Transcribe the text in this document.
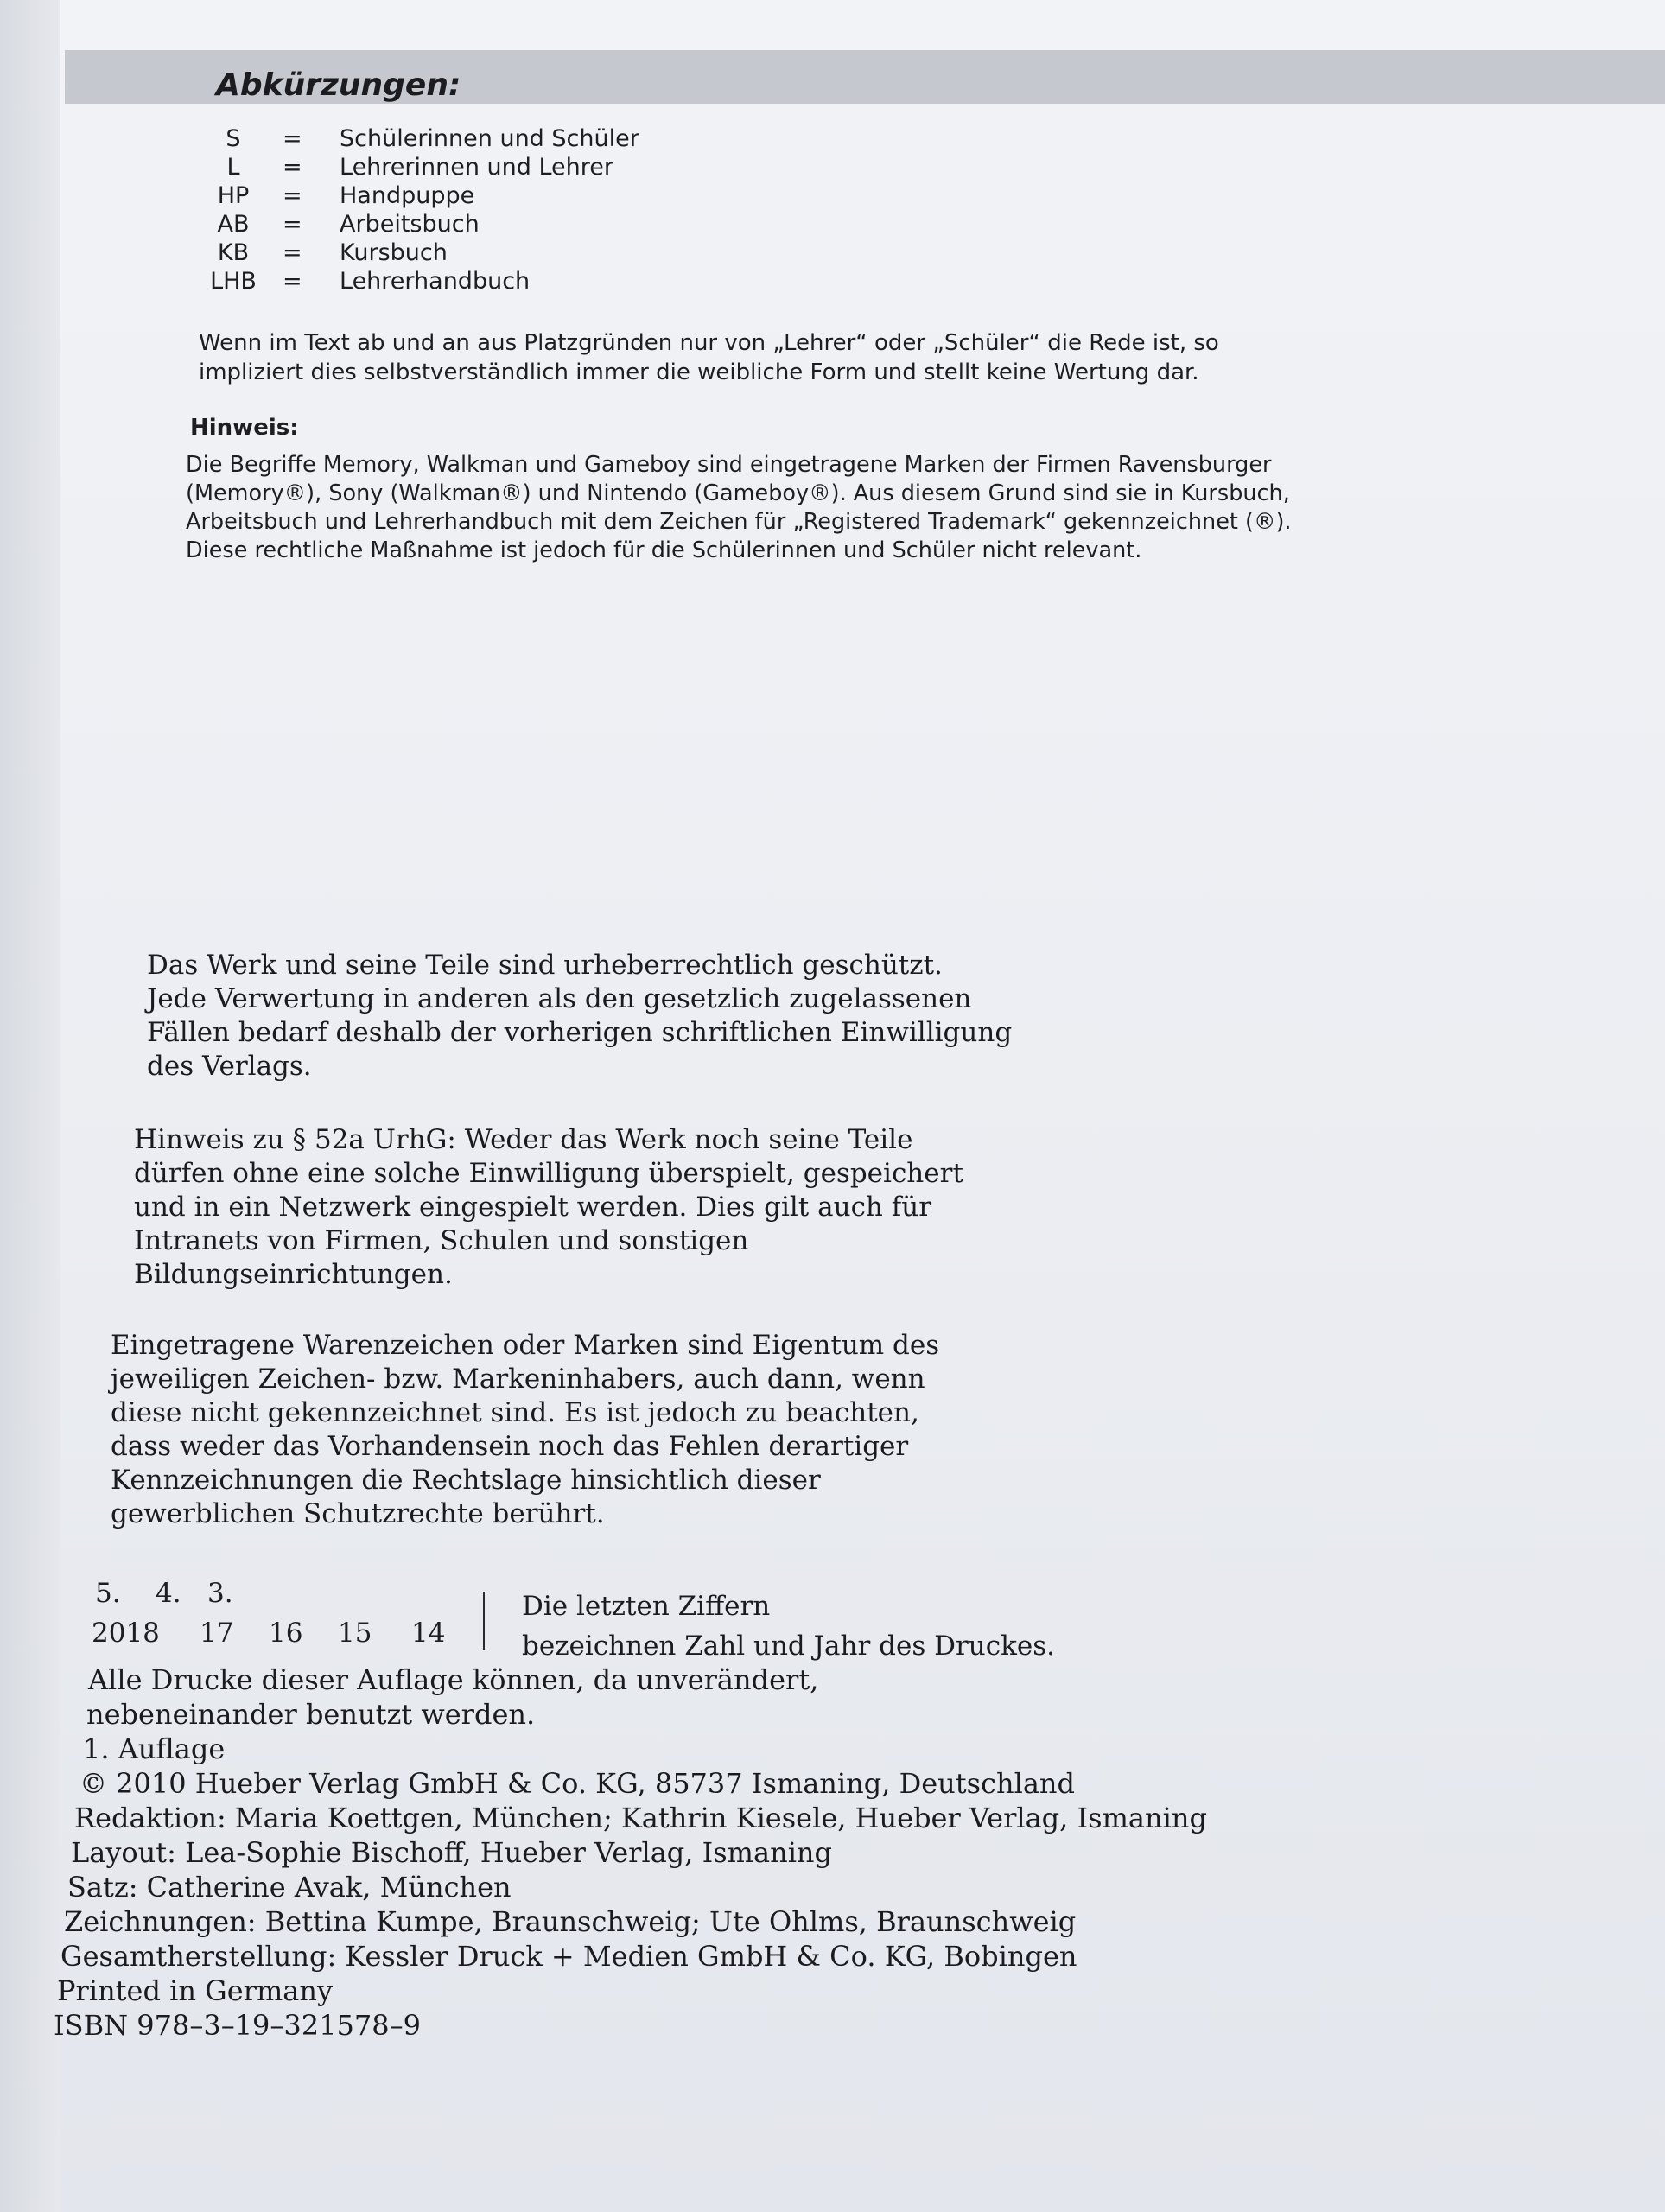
Abkürzungen:
S	= Schülerinnen und Schüler
L	= Lehrerinnen und Lehrer
HP	= Handpuppe
AB	= Arbeitsbuch
KB	= Kursbuch
LHB = Lehrerhandbuch
Wenn im Text ab und an aus Platzgründen nur von „Lehrer“ oder „Schüler“ die Rede ist, so
impliziert dies selbstverständlich immer die weibliche Form und stellt keine Wertung dar.
Hinweis:
Die Begriffe Memory, Walkman und Gameboy sind eingetragene Marken der Firmen Ravensburger
(Memory®), Sony (Walkman®) und Nintendo (Gameboy®). Aus diesem Grund sind sie in Kursbuch,
Arbeitsbuch und Lehrerhandbuch mit dem Zeichen für „Registered Trademark“ gekennzeichnet (®).
Diese rechtliche Maßnahme ist jedoch für die Schülerinnen und Schüler nicht relevant.
Das Werk und seine Teile sind urheberrechtlich geschützt.
Jede Verwertung in anderen als den gesetzlich zugelassenen
Fällen bedarf deshalb der vorherigen schriftlichen Einwilligung
des Verlags.
Hinweis zu § 52a UrhG: Weder das Werk noch seine Teile
dürfen ohne eine solche Einwilligung überspielt, gespeichert
und in ein Netzwerk eingespielt werden. Dies gilt auch für
Intranets von Firmen, Schulen und sonstigen
Bildungseinrichtungen.
Eingetragene Warenzeichen oder Marken sind Eigentum des
jeweiligen Zeichen- bzw. Markeninhabers, auch dann, wenn
diese nicht gekennzeichnet sind. Es ist jedoch zu beachten,
dass weder das Vorhandensein noch das Fehlen derartiger
Kennzeichnungen die Rechtslage hinsichtlich dieser
gewerblichen Schutzrechte berührt.
5. 4. 3.
2018 17 16 15 14
Die letzten Ziffern
bezeichnen Zahl und Jahr des Druckes.
Alle Drucke dieser Auflage können, da unverändert,
nebeneinander benutzt werden.
1. Auflage
© 2010 Hueber Verlag GmbH & Co. KG, 85737 Ismaning, Deutschland
Redaktion: Maria Koettgen, München; Kathrin Kiesele, Hueber Verlag, Ismaning
Layout: Lea-Sophie Bischoff, Hueber Verlag, Ismaning
Satz: Catherine Avak, München
Zeichnungen: Bettina Kumpe, Braunschweig; Ute Ohlms, Braunschweig
Gesamtherstellung: Kessler Druck + Medien GmbH & Co. KG, Bobingen
Printed in Germany
ISBN 978–3–19–321578–9
